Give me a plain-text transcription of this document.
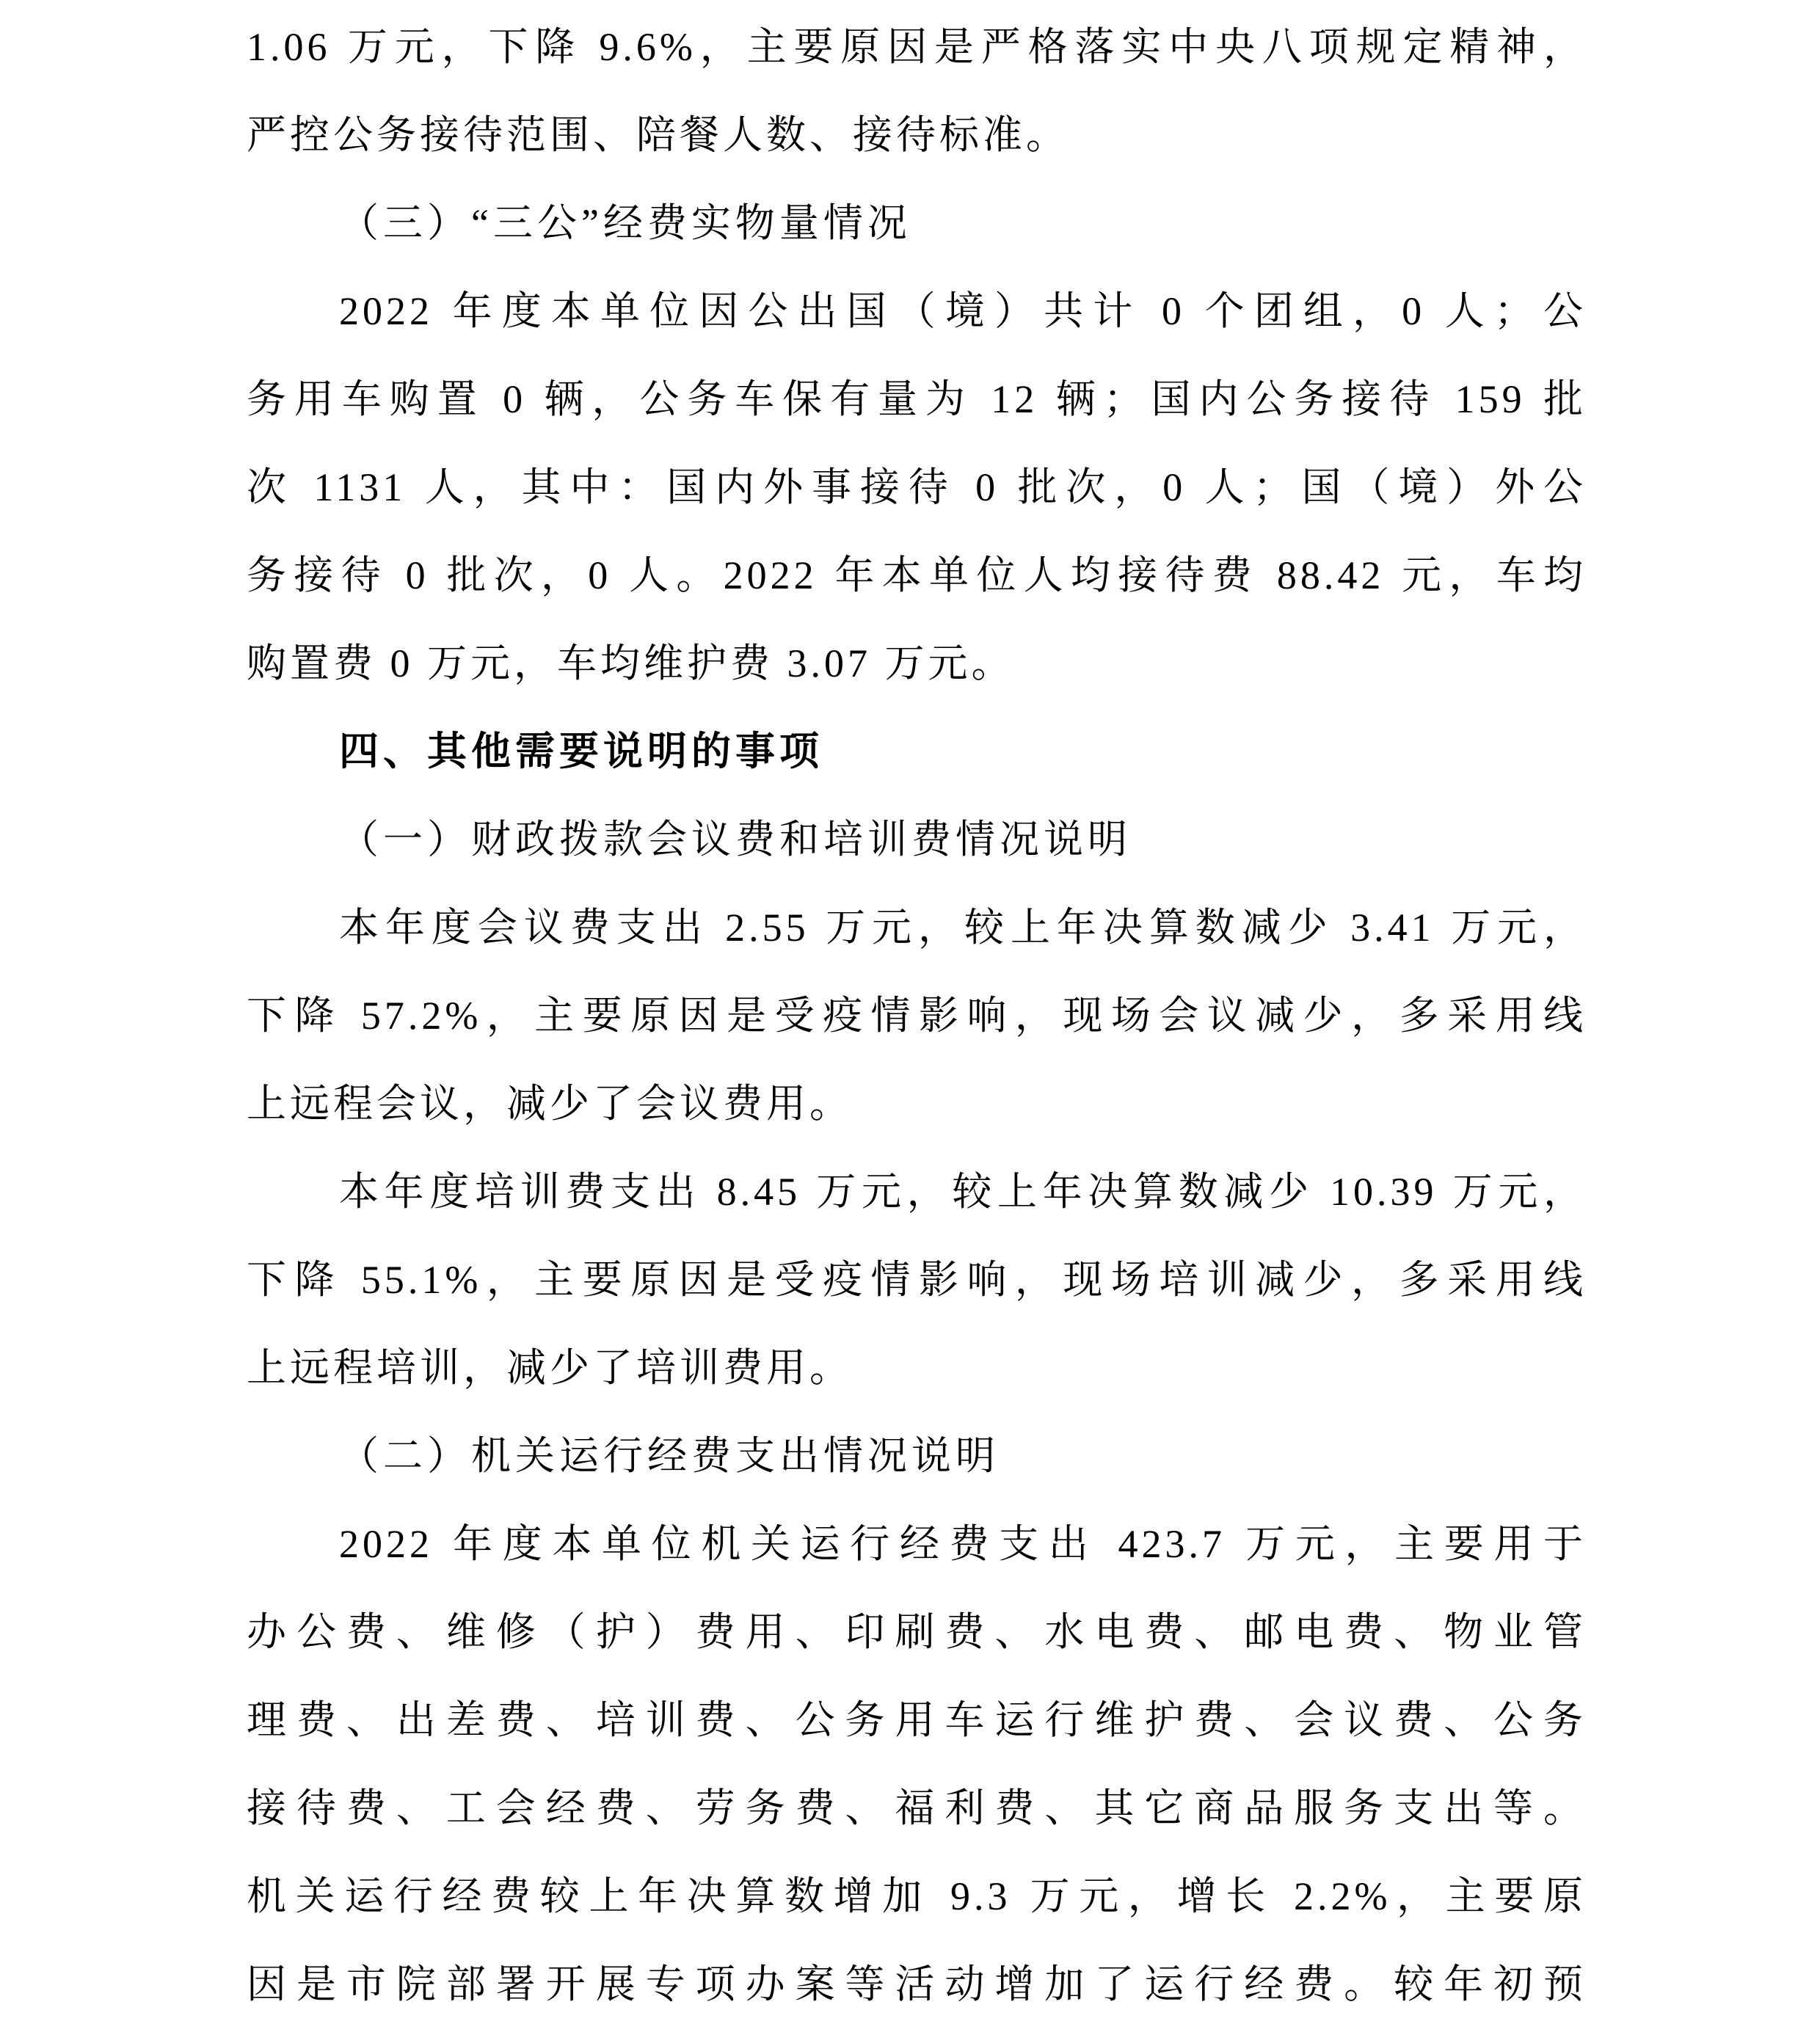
1.06 万元，下降 9.6%，主要原因是严格落实中央八项规定精神，
严控公务接待范围、陪餐人数、接待标准。
（三）“三公”经费实物量情况
2022 年度本单位因公出国（境）共计 0 个团组，0 人；公
务用车购置 0 辆，公务车保有量为 12 辆；国内公务接待 159 批
次 1131 人，其中：国内外事接待 0 批次，0 人；国（境）外公
务接待 0 批次，0 人。2022 年本单位人均接待费 88.42 元，车均
购置费 0 万元，车均维护费 3.07 万元。
四、其他需要说明的事项
（一）财政拨款会议费和培训费情况说明
本年度会议费支出 2.55 万元，较上年决算数减少 3.41 万元，
下降 57.2%，主要原因是受疫情影响，现场会议减少，多采用线
上远程会议，减少了会议费用。
本年度培训费支出 8.45 万元，较上年决算数减少 10.39 万元，
下降 55.1%，主要原因是受疫情影响，现场培训减少，多采用线
上远程培训，减少了培训费用。
（二）机关运行经费支出情况说明
2022 年度本单位机关运行经费支出 423.7 万元，主要用于
办公费、维修（护）费用、印刷费、水电费、邮电费、物业管
理费、出差费、培训费、公务用车运行维护费、会议费、公务
接待费、工会经费、劳务费、福利费、其它商品服务支出等。
机关运行经费较上年决算数增加 9.3 万元，增长 2.2%，主要原
因是市院部署开展专项办案等活动增加了运行经费。较年初预
